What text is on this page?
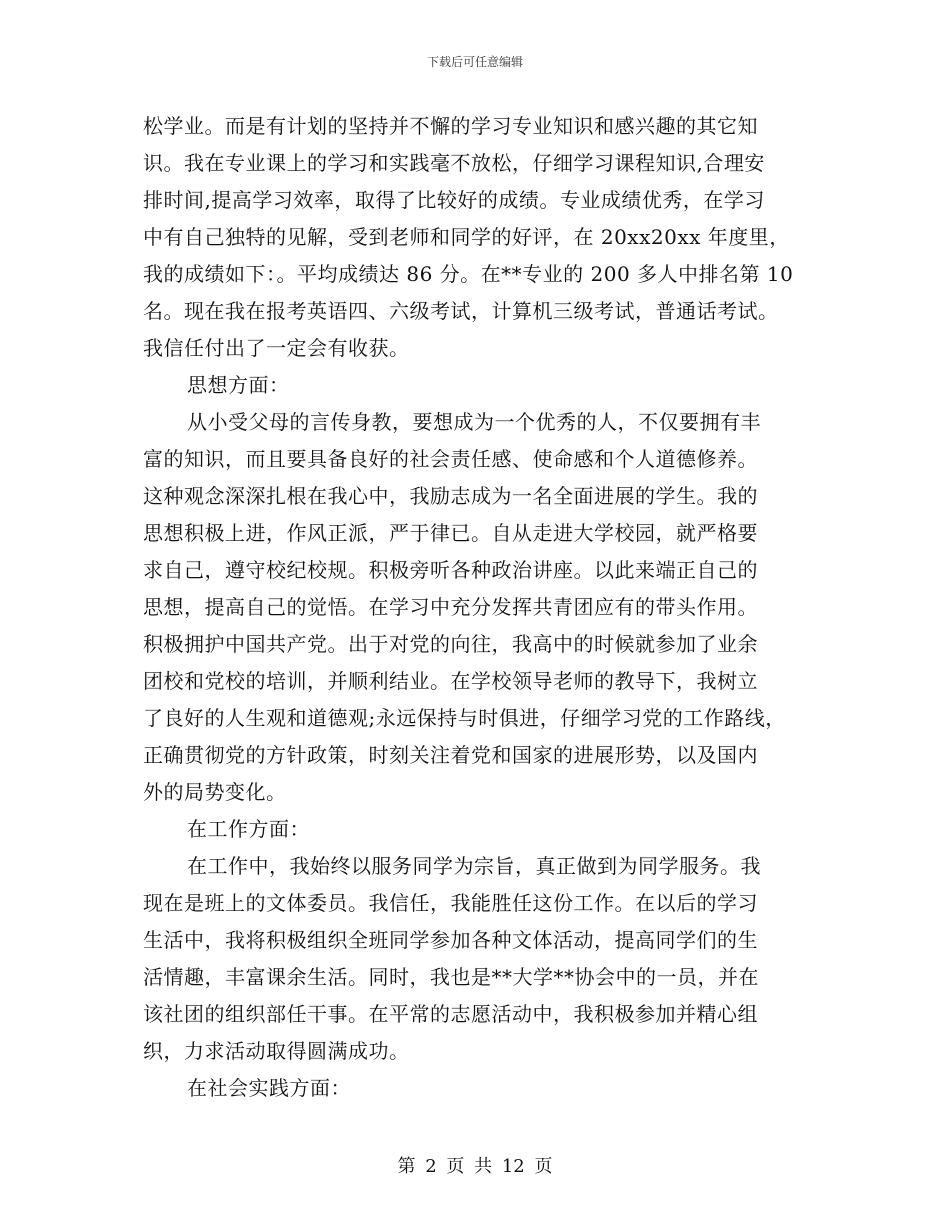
下载后可任意编辑
松学业。而是有计划的坚持并不懈的学习专业知识和感兴趣的其它知
识。我在专业课上的学习和实践毫不放松，仔细学习课程知识,合理安
排时间,提高学习效率，取得了比较好的成绩。专业成绩优秀，在学习
中有自己独特的见解，受到老师和同学的好评，在 20xx20xx 年度里，
我的成绩如下：。平均成绩达 86 分。在**专业的 200 多人中排名第 10
名。现在我在报考英语四、六级考试，计算机三级考试，普通话考试。
我信任付出了一定会有收获。
思想方面：
从小受父母的言传身教，要想成为一个优秀的人，不仅要拥有丰
富的知识，而且要具备良好的社会责任感、使命感和个人道德修养。
这种观念深深扎根在我心中，我励志成为一名全面进展的学生。我的
思想积极上进，作风正派，严于律已。自从走进大学校园，就严格要
求自己，遵守校纪校规。积极旁听各种政治讲座。以此来端正自己的
思想，提高自己的觉悟。在学习中充分发挥共青团应有的带头作用。
积极拥护中国共产党。出于对党的向往，我高中的时候就参加了业余
团校和党校的培训，并顺利结业。在学校领导老师的教导下，我树立
了良好的人生观和道德观;永远保持与时俱进，仔细学习党的工作路线，
正确贯彻党的方针政策，时刻关注着党和国家的进展形势，以及国内
外的局势变化。
在工作方面：
在工作中，我始终以服务同学为宗旨，真正做到为同学服务。我
现在是班上的文体委员。我信任，我能胜任这份工作。在以后的学习
生活中，我将积极组织全班同学参加各种文体活动，提高同学们的生
活情趣，丰富课余生活。同时，我也是**大学**协会中的一员，并在
该社团的组织部任干事。在平常的志愿活动中，我积极参加并精心组
织，力求活动取得圆满成功。
在社会实践方面：
第 2 页 共 12 页
